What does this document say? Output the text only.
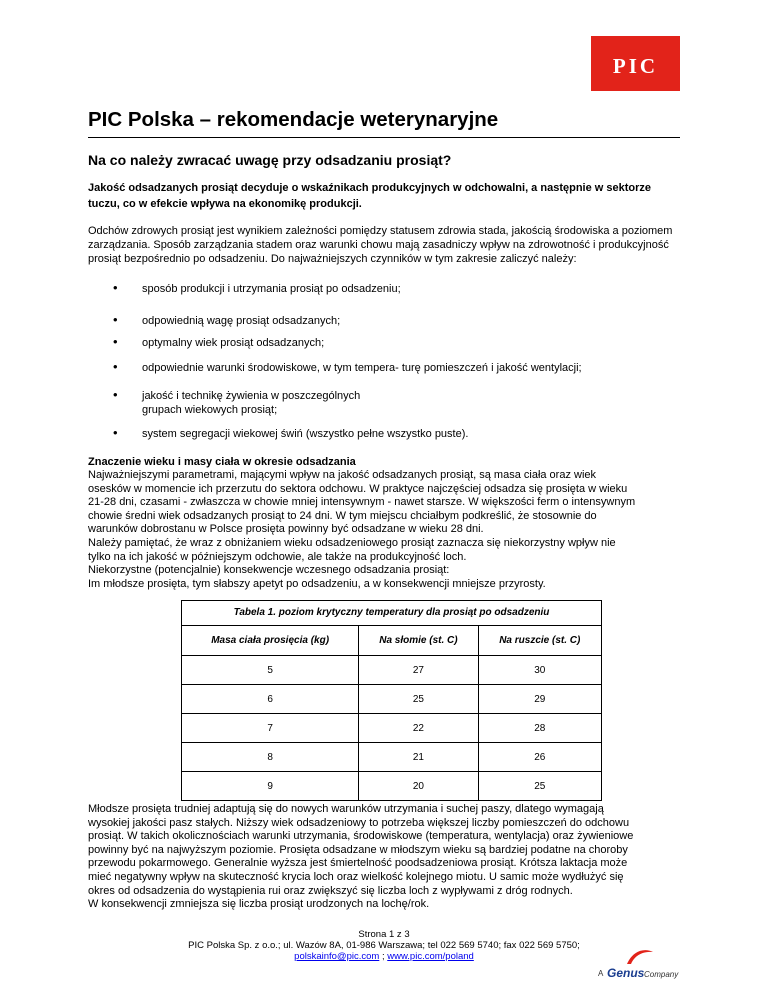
PIC
PIC Polska – rekomendacje weterynaryjne
Na co należy zwracać uwagę przy odsadzaniu prosiąt?

Jakość odsadzanych prosiąt decyduje o wskaźnikach produkcyjnych w odchowalni, a następnie w sektorze tuczu, co w efekcie wpływa na ekonomikę produkcji.

Odchów zdrowych prosiąt jest wynikiem zależności pomiędzy statusem zdrowia stada, jakością środowiska a poziomem zarządzania. Sposób zarządzania stadem oraz warunki chowu mają zasadniczy wpływ na zdrowotność i produkcyjność prosiąt bezpośrednio po odsadzeniu. Do najważniejszych czynników w tym zakresie zaliczyć należy:

• sposób produkcji i utrzymania prosiąt po odsadzeniu;
• odpowiednią wagę prosiąt odsadzanych;
• optymalny wiek prosiąt odsadzanych;
• odpowiednie warunki środowiskowe, w tym tempera- turę pomieszczeń i jakość wentylacji;
• jakość i technikę żywienia w poszczególnych grupach wiekowych prosiąt;
• system segregacji wiekowej świń (wszystko pełne wszystko puste).
Znaczenie wieku i masy ciała w okresie odsadzania
Najważniejszymi parametrami, mającymi wpływ na jakość odsadzanych prosiąt, są masa ciała oraz wiek
osesków w momencie ich przerzutu do sektora odchowu. W praktyce najczęściej odsadza się prosięta w wieku
21-28 dni, czasami - zwłaszcza w chowie mniej intensywnym - nawet starsze. W większości ferm o intensywnym
chowie średni wiek odsadzanych prosiąt to 24 dni. W tym miejscu chciałbym podkreślić, że stosownie do
warunków dobrostanu w Polsce prosięta powinny być odsadzane w wieku 28 dni.
Należy pamiętać, że wraz z obniżaniem wieku odsadzeniowego prosiąt zaznacza się niekorzystny wpływ nie
tylko na ich jakość w późniejszym odchowie, ale także na produkcyjność loch.
Niekorzystne (potencjalnie) konsekwencje wczesnego odsadzania prosiąt:
Im młodsze prosięta, tym słabszy apetyt po odsadzeniu, a w konsekwencji mniejsze przyrosty.
Tabela 1. poziom krytyczny temperatury dla prosiąt po odsadzeniu
Masa ciała prosięcia (kg)	Na słomie (st. C)	Na ruszcie (st. C)
5	27	30
6	25	29
7	22	28
8	21	26
9	20	25
Młodsze prosięta trudniej adaptują się do nowych warunków utrzymania i suchej paszy, dlatego wymagają
wysokiej jakości pasz stałych. Niższy wiek odsadzeniowy to potrzeba większej liczby pomieszczeń do odchowu
prosiąt. W takich okolicznościach warunki utrzymania, środowiskowe (temperatura, wentylacja) oraz żywieniowe
powinny być na najwyższym poziomie. Prosięta odsadzane w młodszym wieku są bardziej podatne na choroby
przewodu pokarmowego. Generalnie wyższa jest śmiertelność poodsadzeniowa prosiąt. Krótsza laktacja może
mieć negatywny wpływ na skuteczność krycia loch oraz wielkość kolejnego miotu. U samic może wydłużyć się
okres od odsadzenia do wystąpienia rui oraz zwiększyć się liczba loch z wypływami z dróg rodnych.
W konsekwencji zmniejsza się liczba prosiąt urodzonych na lochę/rok.
Strona 1 z 3
PIC Polska Sp. z o.o.; ul. Wazów 8A, 01-986 Warszawa; tel 022 569 5740; fax 022 569 5750;
polskainfo@pic.com ; www.pic.com/poland
A Genus Company
